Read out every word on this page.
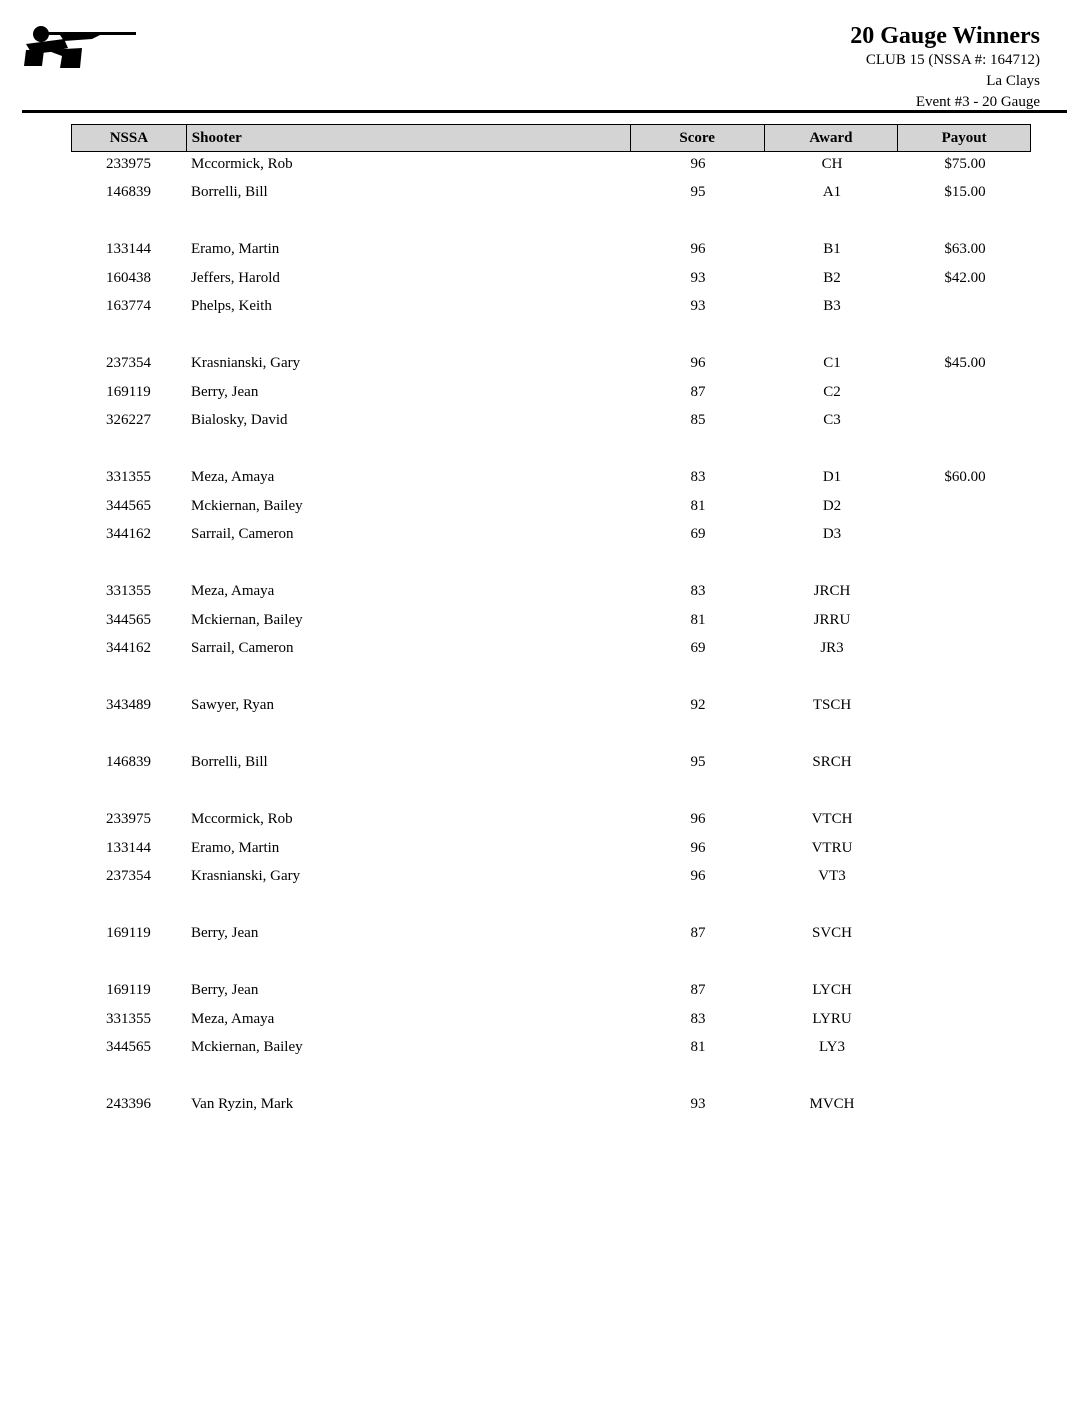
20 Gauge Winners
CLUB 15 (NSSA #: 164712)
La Clays
Event #3 - 20 Gauge
NSSA	Shooter	Score	Award	Payout
233975	Mccormick, Rob	96	CH	$75.00
146839	Borrelli, Bill	95	A1	$15.00
133144	Eramo, Martin	96	B1	$63.00
160438	Jeffers, Harold	93	B2	$42.00
163774	Phelps, Keith	93	B3
237354	Krasnianski, Gary	96	C1	$45.00
169119	Berry, Jean	87	C2
326227	Bialosky, David	85	C3
331355	Meza, Amaya	83	D1	$60.00
344565	Mckiernan, Bailey	81	D2
344162	Sarrail, Cameron	69	D3
331355	Meza, Amaya	83	JRCH
344565	Mckiernan, Bailey	81	JRRU
344162	Sarrail, Cameron	69	JR3
343489	Sawyer, Ryan	92	TSCH
146839	Borrelli, Bill	95	SRCH
233975	Mccormick, Rob	96	VTCH
133144	Eramo, Martin	96	VTRU
237354	Krasnianski, Gary	96	VT3
169119	Berry, Jean	87	SVCH
169119	Berry, Jean	87	LYCH
331355	Meza, Amaya	83	LYRU
344565	Mckiernan, Bailey	81	LY3
243396	Van Ryzin, Mark	93	MVCH
